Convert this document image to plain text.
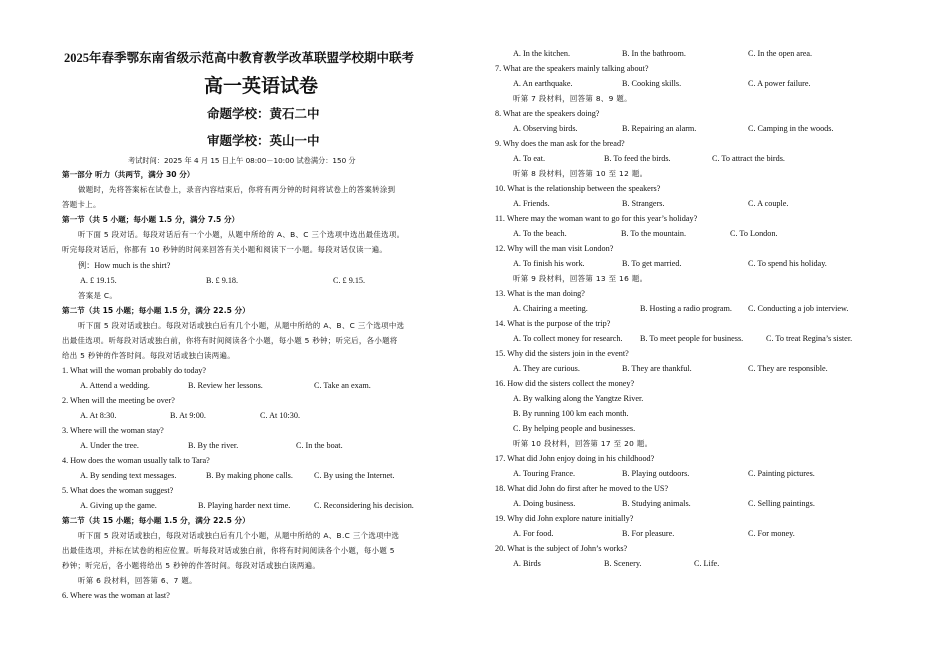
2025年春季鄂东南省级示范高中教育教学改革联盟学校期中联考
高一英语试卷
命题学校：黄石二中
审题学校：英山一中
考试时间：2025 年 4 月 15 日上午 08:00－10:00 试卷满分：150 分
第一部分 听力（共两节，满分 30 分）
做题时，先将答案标在试卷上，录音内容结束后，你将有两分钟的时间将试卷上的答案转涂到
答题卡上。
第一节（共 5 小题；每小题 1.5 分，满分 7.5 分）
听下面 5 段对话。每段对话后有一个小题，从题中所给的 A、B、C 三个选项中选出最佳选项。
听完每段对话后，你都有 10 秒钟的时间来回答有关小题和阅读下一小题。每段对话仅读一遍。
例：How much is the shirt?
A. £ 19.15.	B. £ 9.18.	C. £ 9.15.
答案是 C。
第二节（共 15 小题；每小题 1.5 分，满分 22.5 分）
听下面 5 段对话或独白。每段对话或独白后有几个小题，从题中所给的 A、B、C 三个选项中选
出最佳选项。听每段对话或独白前，你将有时间阅读各个小题，每小题 5 秒钟；听完后，各小题将
给出 5 秒钟的作答时间。每段对话或独白读两遍。
1. What will the woman probably do today?
A. Attend a wedding.	B. Review her lessons.	C. Take an exam.
2. When will the meeting be over?
A. At 8:30.	B. At 9:00.	C. At 10:30.
3. Where will the woman stay?
A. Under the tree.	B. By the river.	C. In the boat.
4. How does the woman usually talk to Tara?
A. By sending text messages.	B. By making phone calls.	C. By using the Internet.
5. What does the woman suggest?
A. Giving up the game.	B. Playing harder next time.	C. Reconsidering his decision.
第二节（共 15 小题；每小题 1.5 分，满分 22.5 分）
听下面 5 段对话或独白，每段对话或独白后有几个小题，从题中所给的 A、B.C 三个选项中选
出最佳选项，并标在试卷的相应位置。听每段对话或独白前，你将有时间阅读各个小题，每小题 5
秒钟；听完后，各小题将给出 5 秒钟的作答时间。每段对话或独白读两遍。
听第 6 段材料，回答第 6、7 题。
6. Where was the woman at last?
A. In the kitchen.	B. In the bathroom.	C. In the open area.
7. What are the speakers mainly talking about?
A. An earthquake.	B. Cooking skills.	C. A power failure.
听第 7 段材料，回答第 8、9 题。
8. What are the speakers doing?
A. Observing birds.	B. Repairing an alarm.	C. Camping in the woods.
9. Why does the man ask for the bread?
A. To eat.	B. To feed the birds.	C. To attract the birds.
听第 8 段材料，回答第 10 至 12 题。
10. What is the relationship between the speakers?
A. Friends.	B. Strangers.	C. A couple.
11. Where may the woman want to go for this year’s holiday?
A. To the beach.	B. To the mountain.	C. To London.
12. Why will the man visit London?
A. To finish his work.	B. To get married.	C. To spend his holiday.
听第 9 段材料，回答第 13 至 16 题。
13. What is the man doing?
A. Chairing a meeting.	B. Hosting a radio program. C. Conducting a job interview.
14. What is the purpose of the trip?
A. To collect money for research. B. To meet people for business.	C. To treat Regina’s sister.
15. Why did the sisters join in the event?
A. They are curious.	B. They are thankful.	C. They are responsible.
16. How did the sisters collect the money?
A. By walking along the Yangtze River.
B. By running 100 km each month.
C. By helping people and businesses.
听第 10 段材料，回答第 17 至 20 题。
17. What did John enjoy doing in his childhood?
A. Touring France.	B. Playing outdoors.	C. Painting pictures.
18. What did John do first after he moved to the US?
A. Doing business.	B. Studying animals.	C. Selling paintings.
19. Why did John explore nature initially?
A. For food.	B. For pleasure.	C. For money.
20. What is the subject of John’s works?
A. Birds	B. Scenery.	C. Life.
